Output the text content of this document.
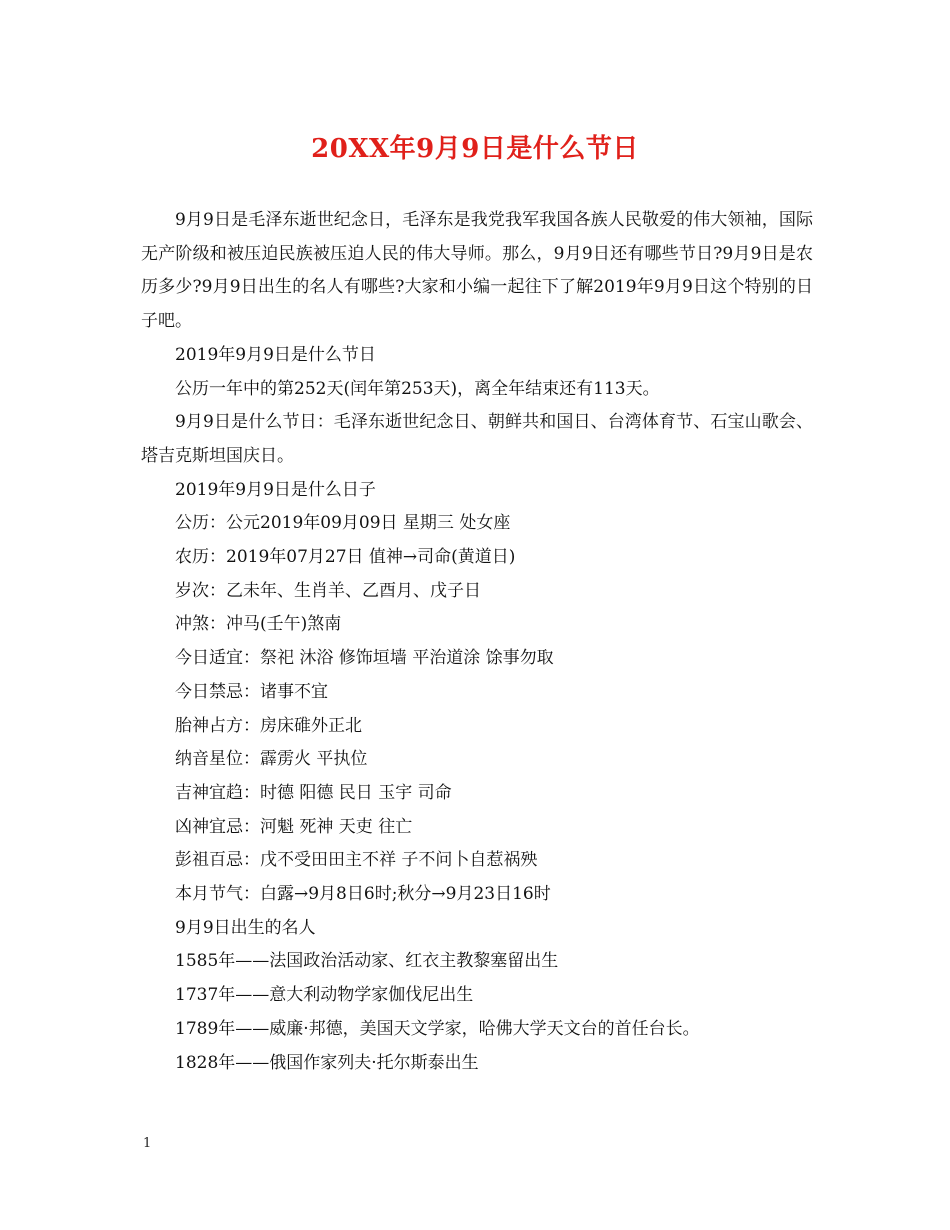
20XX年9月9日是什么节日

9月9日是毛泽东逝世纪念日，毛泽东是我党我军我国各族人民敬爱的伟大领袖，国际无产阶级和被压迫民族被压迫人民的伟大导师。那么，9月9日还有哪些节日?9月9日是农历多少?9月9日出生的名人有哪些?大家和小编一起往下了解2019年9月9日这个特别的日子吧。

2019年9月9日是什么节日

公历一年中的第252天(闰年第253天)，离全年结束还有113天。

9月9日是什么节日：毛泽东逝世纪念日、朝鲜共和国日、台湾体育节、石宝山歌会、塔吉克斯坦国庆日。

2019年9月9日是什么日子

公历：公元2019年09月09日 星期三 处女座

农历：2019年07月27日 值神→司命(黄道日)

岁次：乙未年、生肖羊、乙酉月、戊子日

冲煞：冲马(壬午)煞南

今日适宜：祭祀 沐浴 修饰垣墙 平治道涂 馀事勿取

今日禁忌：诸事不宜

胎神占方：房床碓外正北

纳音星位：霹雳火 平执位

吉神宜趋：时德 阳德 民日 玉宇 司命

凶神宜忌：河魁 死神 天吏 往亡

彭祖百忌：戊不受田田主不祥 子不问卜自惹祸殃

本月节气：白露→9月8日6时;秋分→9月23日16时

9月9日出生的名人

1585年——法国政治活动家、红衣主教黎塞留出生

1737年——意大利动物学家伽伐尼出生

1789年——威廉·邦德，美国天文学家，哈佛大学天文台的首任台长。

1828年——俄国作家列夫·托尔斯泰出生

1
